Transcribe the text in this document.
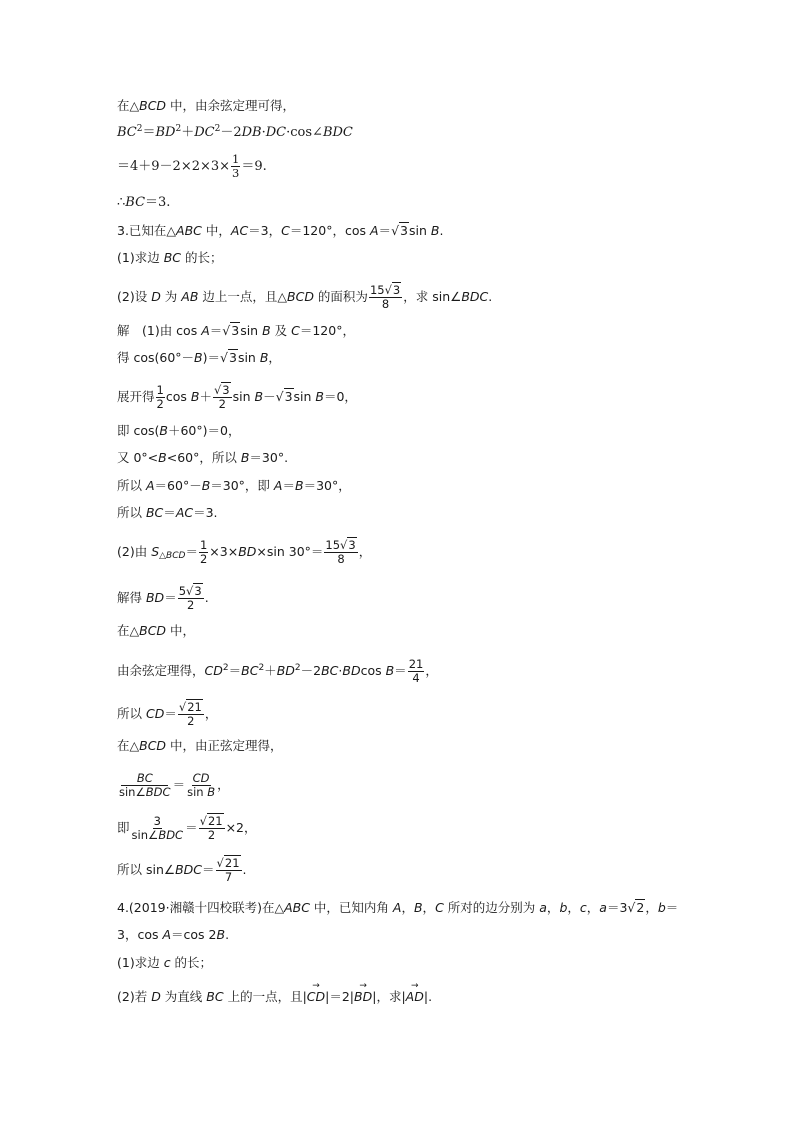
在△BCD 中，由余弦定理可得，
$BC^2=BD^2+DC^2-2DB\cdot DC\cdot\cos\angle BDC$
$=4+9-2\times 2\times 3\times \frac{1}{3} =9$.
∴BC＝3.
3.已知在△ABC 中，AC＝3，C＝120°，cos A＝√3sin B.
(1)求边 BC 的长；
(2)设 D 为 AB 边上一点，且△BCD 的面积为 $\frac{15√3}{8}$ ，求 sin∠BDC.
解　(1)由 cos A＝√3sin B 及 C＝120°，
得 cos(60°－B)＝√3sin B，
展开得 $\frac{1}{2}$ $\cos B+ \frac{√3}{2}$ sin B－√3sin B＝0，
即 cos(B＋60°)＝0，
又 0°<B<60°，所以 B＝30°.
所以 A＝60°－B＝30°，即 A＝B＝30°，
所以 BC＝AC＝3.
(2)由 $S_{\triangle BCD}= \frac{1}{2} \times 3\times BD\times\sin$ $30^\circ= \frac{15√3}{8}$ ，
解得 $BD= \frac{5√3}{2}$ .
在△BCD 中，
由余弦定理得，$CD^2=BC^2+BD^2-2BC\cdot BDcos$ $B= \frac{21}{4}$ ，
所以 $CD= \frac{√21}{2}$ ，
在△BCD 中，由正弦定理得，
$\frac{BC}{\text{sin∠BDC}} = \frac{CD}{\text{sin B}}$ ，
即 $\frac{3}{\text{sin∠BDC}} = \frac{√21}{2} \times 2$，
所以 sin∠BDC＝ $\frac{√21}{7}$ .
4.(2019·湘赣十四校联考)在△ABC 中，已知内角 A，B，C 所对的边分别为 a，b，c，a＝3√2，b＝
3，cos A＝cos 2B.
(1)求边 c 的长；
(2)若 D 为直线 BC 上的一点，且|→ CD|＝2|→ BD|，求|→ AD|.
